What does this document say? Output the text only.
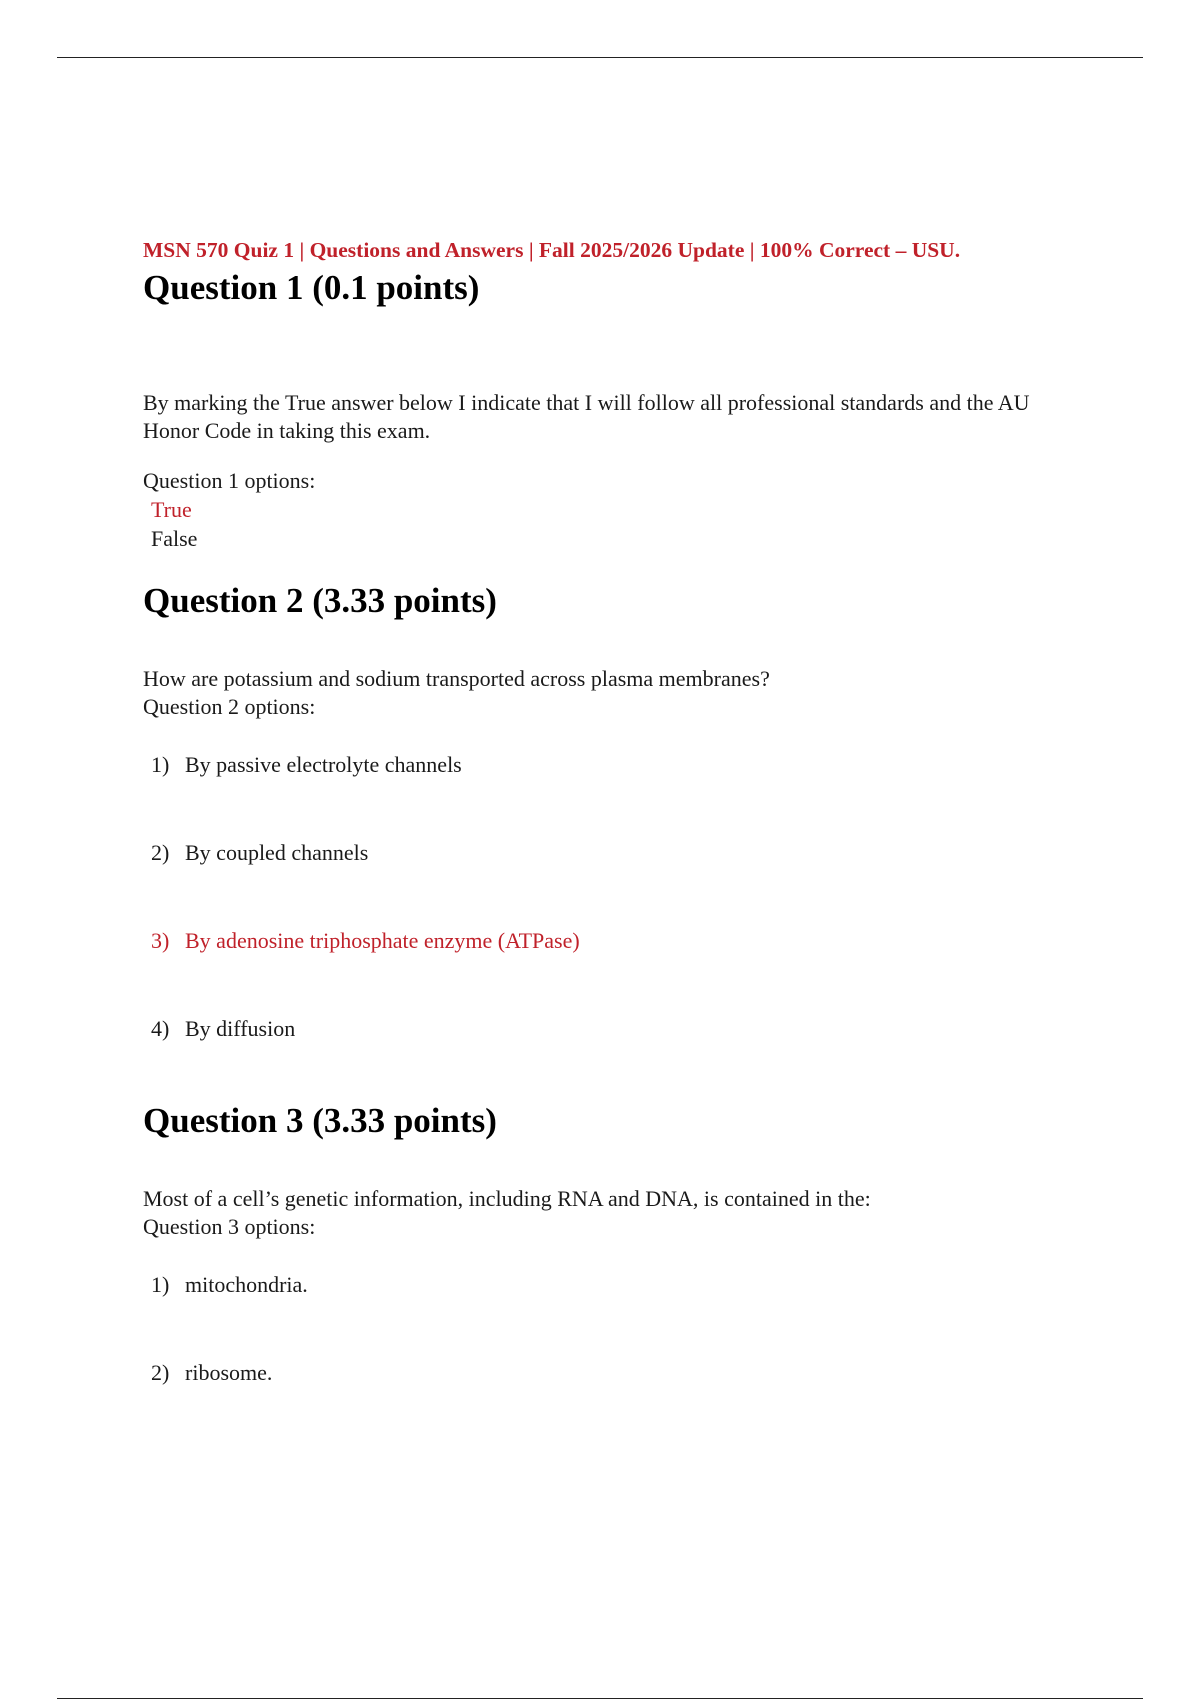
MSN 570 Quiz 1 | Questions and Answers | Fall 2025/2026 Update | 100% Correct – USU.

Question 1 (0.1 points)

By marking the True answer below I indicate that I will follow all professional standards and the AU Honor Code in taking this exam.

Question 1 options:

True
False
Question 2 (3.33 points)

How are potassium and sodium transported across plasma membranes?

Question 2 options:

1) By passive electrolyte channels
2) By coupled channels
3) By adenosine triphosphate enzyme (ATPase)
4) By diffusion
Question 3 (3.33 points)

Most of a cell’s genetic information, including RNA and DNA, is contained in the:

Question 3 options:

1) mitochondria.
2) ribosome.
